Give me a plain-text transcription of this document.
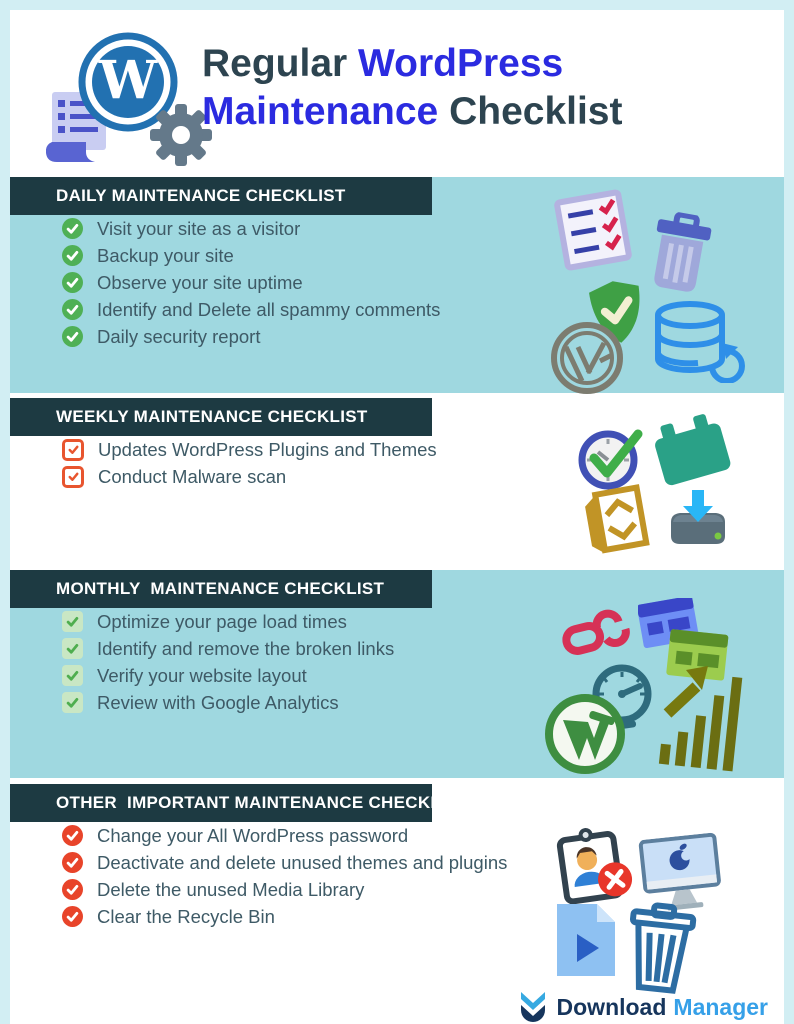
W Regular WordPress
Maintenance Checklist
DAILY MAINTENANCE CHECKLIST
Visit your site as a visitor
Backup your site
Observe your site uptime
Identify and Delete all spammy comments
Daily security report
WEEKLY MAINTENANCE CHECKLIST
Updates WordPress Plugins and Themes
Conduct Malware scan
MONTHLY  MAINTENANCE CHECKLIST
Optimize your page load times
Identify and remove the broken links
Verify your website layout
Review with Google Analytics
OTHER  IMPORTANT MAINTENANCE CHECKLIST
Change your All WordPress password
Deactivate and delete unused themes and plugins
Delete the unused Media Library
Clear the Recycle Bin
Download Manager
